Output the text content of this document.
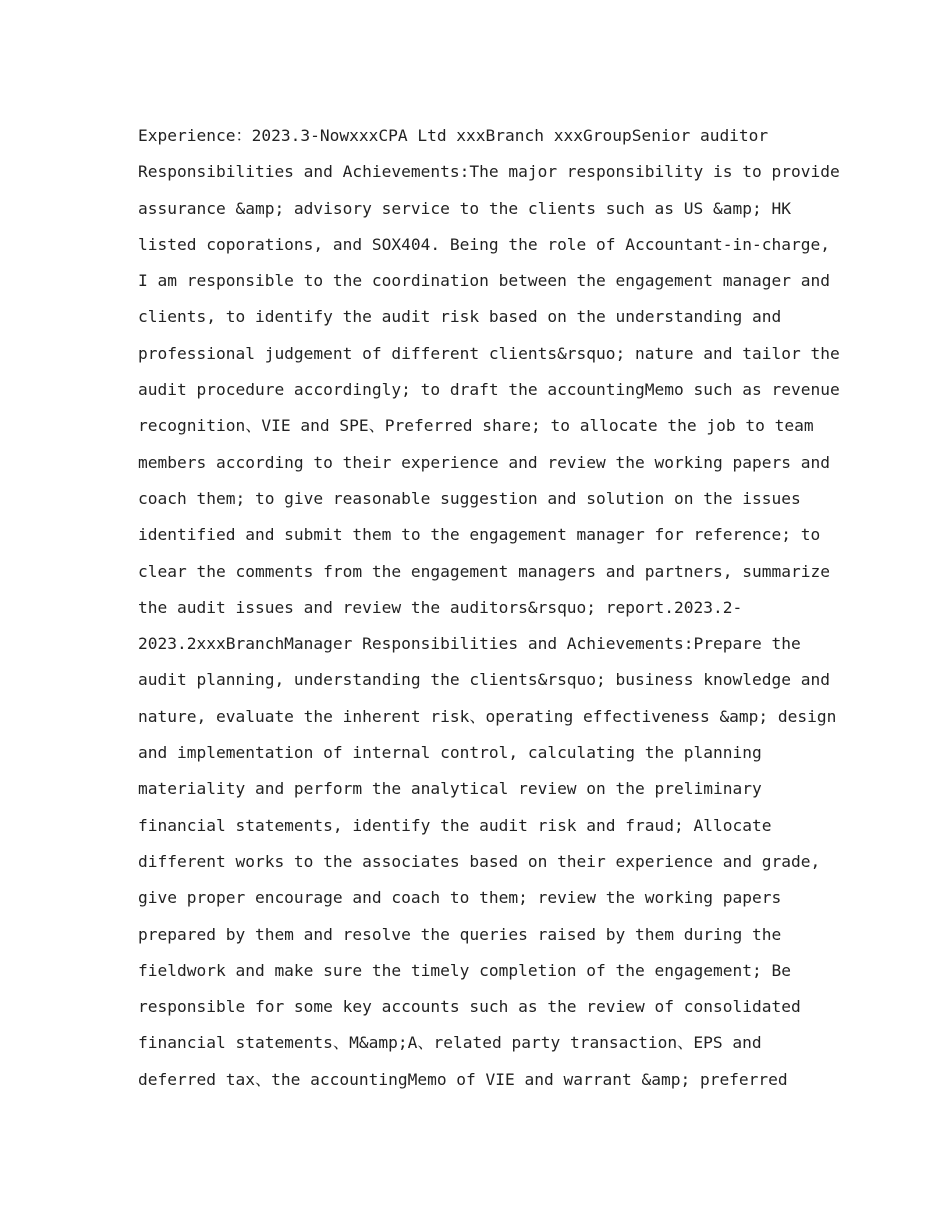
Experience：2023.3-NowxxxCPA Ltd xxxBranch xxxGroupSenior auditor
Responsibilities and Achievements:The major responsibility is to provide
assurance &amp; advisory service to the clients such as US &amp; HK
listed coporations, and SOX404. Being the role of Accountant-in-charge,
I am responsible to the coordination between the engagement manager and
clients, to identify the audit risk based on the understanding and
professional judgement of different clients&rsquo; nature and tailor the
audit procedure accordingly; to draft the accountingMemo such as revenue
recognition、VIE and SPE、Preferred share; to allocate the job to team
members according to their experience and review the working papers and
coach them; to give reasonable suggestion and solution on the issues
identified and submit them to the engagement manager for reference; to
clear the comments from the engagement managers and partners, summarize
the audit issues and review the auditors&rsquo; report.2023.2-
2023.2xxxBranchManager Responsibilities and Achievements:Prepare the
audit planning, understanding the clients&rsquo; business knowledge and
nature, evaluate the inherent risk、operating effectiveness &amp; design
and implementation of internal control, calculating the planning
materiality and perform the analytical review on the preliminary
financial statements, identify the audit risk and fraud; Allocate
different works to the associates based on their experience and grade,
give proper encourage and coach to them; review the working papers
prepared by them and resolve the queries raised by them during the
fieldwork and make sure the timely completion of the engagement; Be
responsible for some key accounts such as the review of consolidated
financial statements、M&amp;A、related party transaction、EPS and
deferred tax、the accountingMemo of VIE and warrant &amp; preferred
